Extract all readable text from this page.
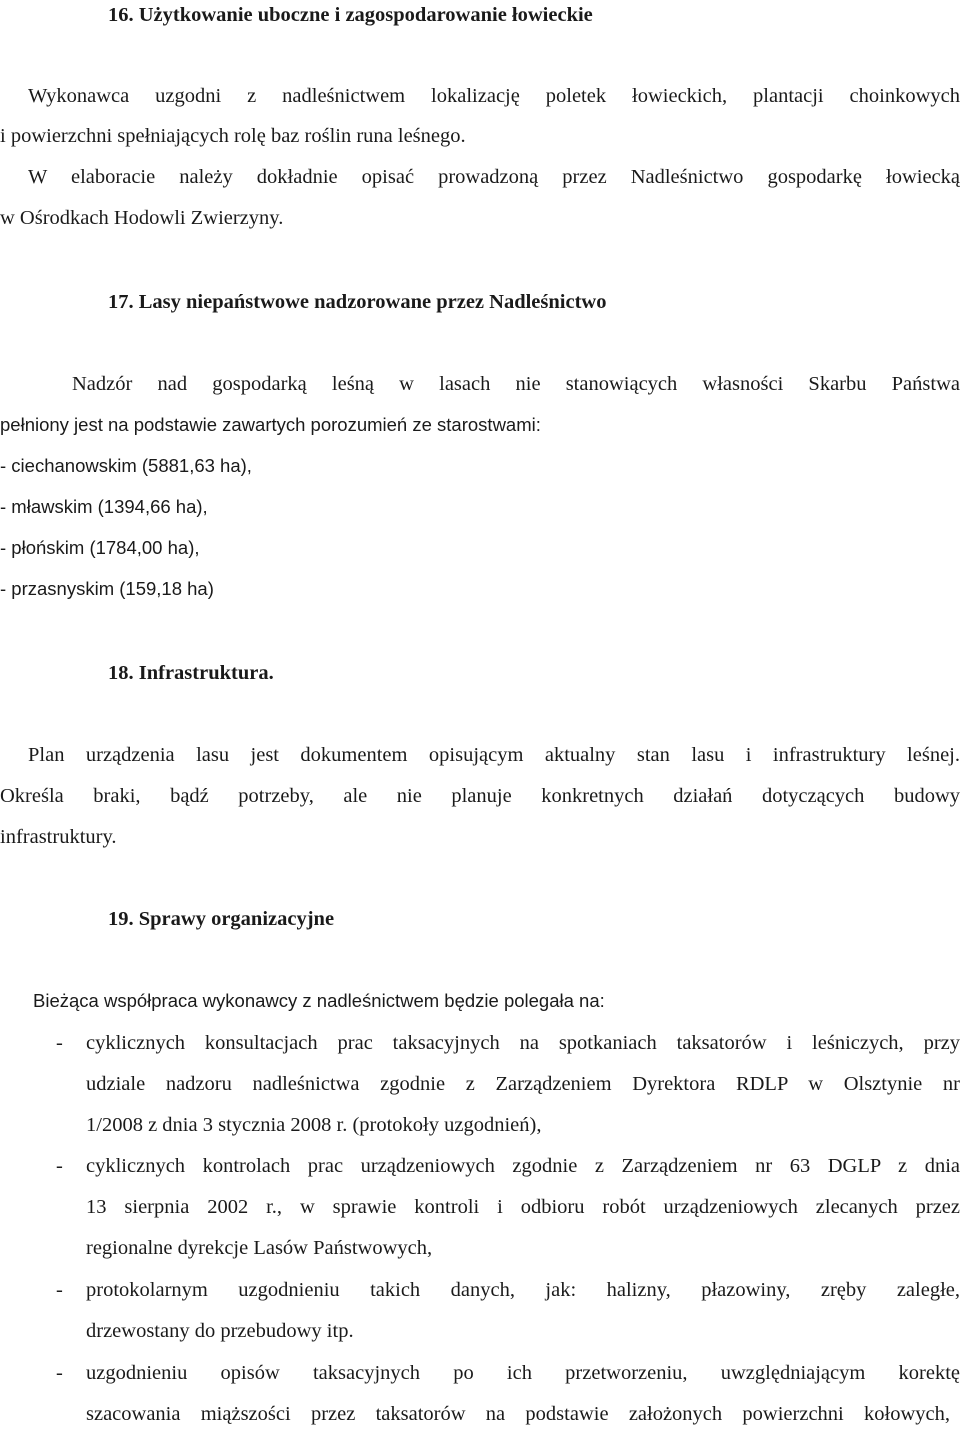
16. Użytkowanie uboczne i zagospodarowanie łowieckie
Wykonawca uzgodni z nadleśnictwem lokalizację poletek łowieckich, plantacji choinkowych
i powierzchni spełniających rolę baz roślin runa leśnego.
W elaboracie należy dokładnie opisać prowadzoną przez Nadleśnictwo gospodarkę łowiecką
w Ośrodkach Hodowli Zwierzyny.
17. Lasy niepaństwowe nadzorowane przez Nadleśnictwo
Nadzór nad gospodarką leśną w lasach nie stanowiących własności Skarbu Państwa
pełniony jest na podstawie zawartych porozumień ze starostwami:
- ciechanowskim (5881,63 ha),
- mławskim (1394,66 ha),
- płońskim (1784,00 ha),
- przasnyskim (159,18 ha)
18. Infrastruktura.
Plan urządzenia lasu jest dokumentem opisującym aktualny stan lasu i infrastruktury leśnej.
Określa braki, bądź potrzeby, ale nie planuje konkretnych działań dotyczących budowy
infrastruktury.
19. Sprawy organizacyjne
Bieżąca współpraca wykonawcy z nadleśnictwem będzie polegała na:
- cyklicznych konsultacjach prac taksacyjnych na spotkaniach taksatorów i leśniczych, przy
udziale nadzoru nadleśnictwa zgodnie z Zarządzeniem Dyrektora RDLP w Olsztynie nr
1/2008 z dnia 3 stycznia 2008 r. (protokoły uzgodnień),
- cyklicznych kontrolach prac urządzeniowych zgodnie z Zarządzeniem nr 63 DGLP z dnia
13 sierpnia 2002 r., w sprawie kontroli i odbioru robót urządzeniowych zlecanych przez
regionalne dyrekcje Lasów Państwowych,
- protokolarnym uzgodnieniu takich danych, jak: halizny, płazowiny, zręby zaległe,
drzewostany do przebudowy itp.
- uzgodnieniu opisów taksacyjnych po ich przetworzeniu, uwzględniającym korektę
szacowania miąższości przez taksatorów na podstawie założonych powierzchni kołowych,
